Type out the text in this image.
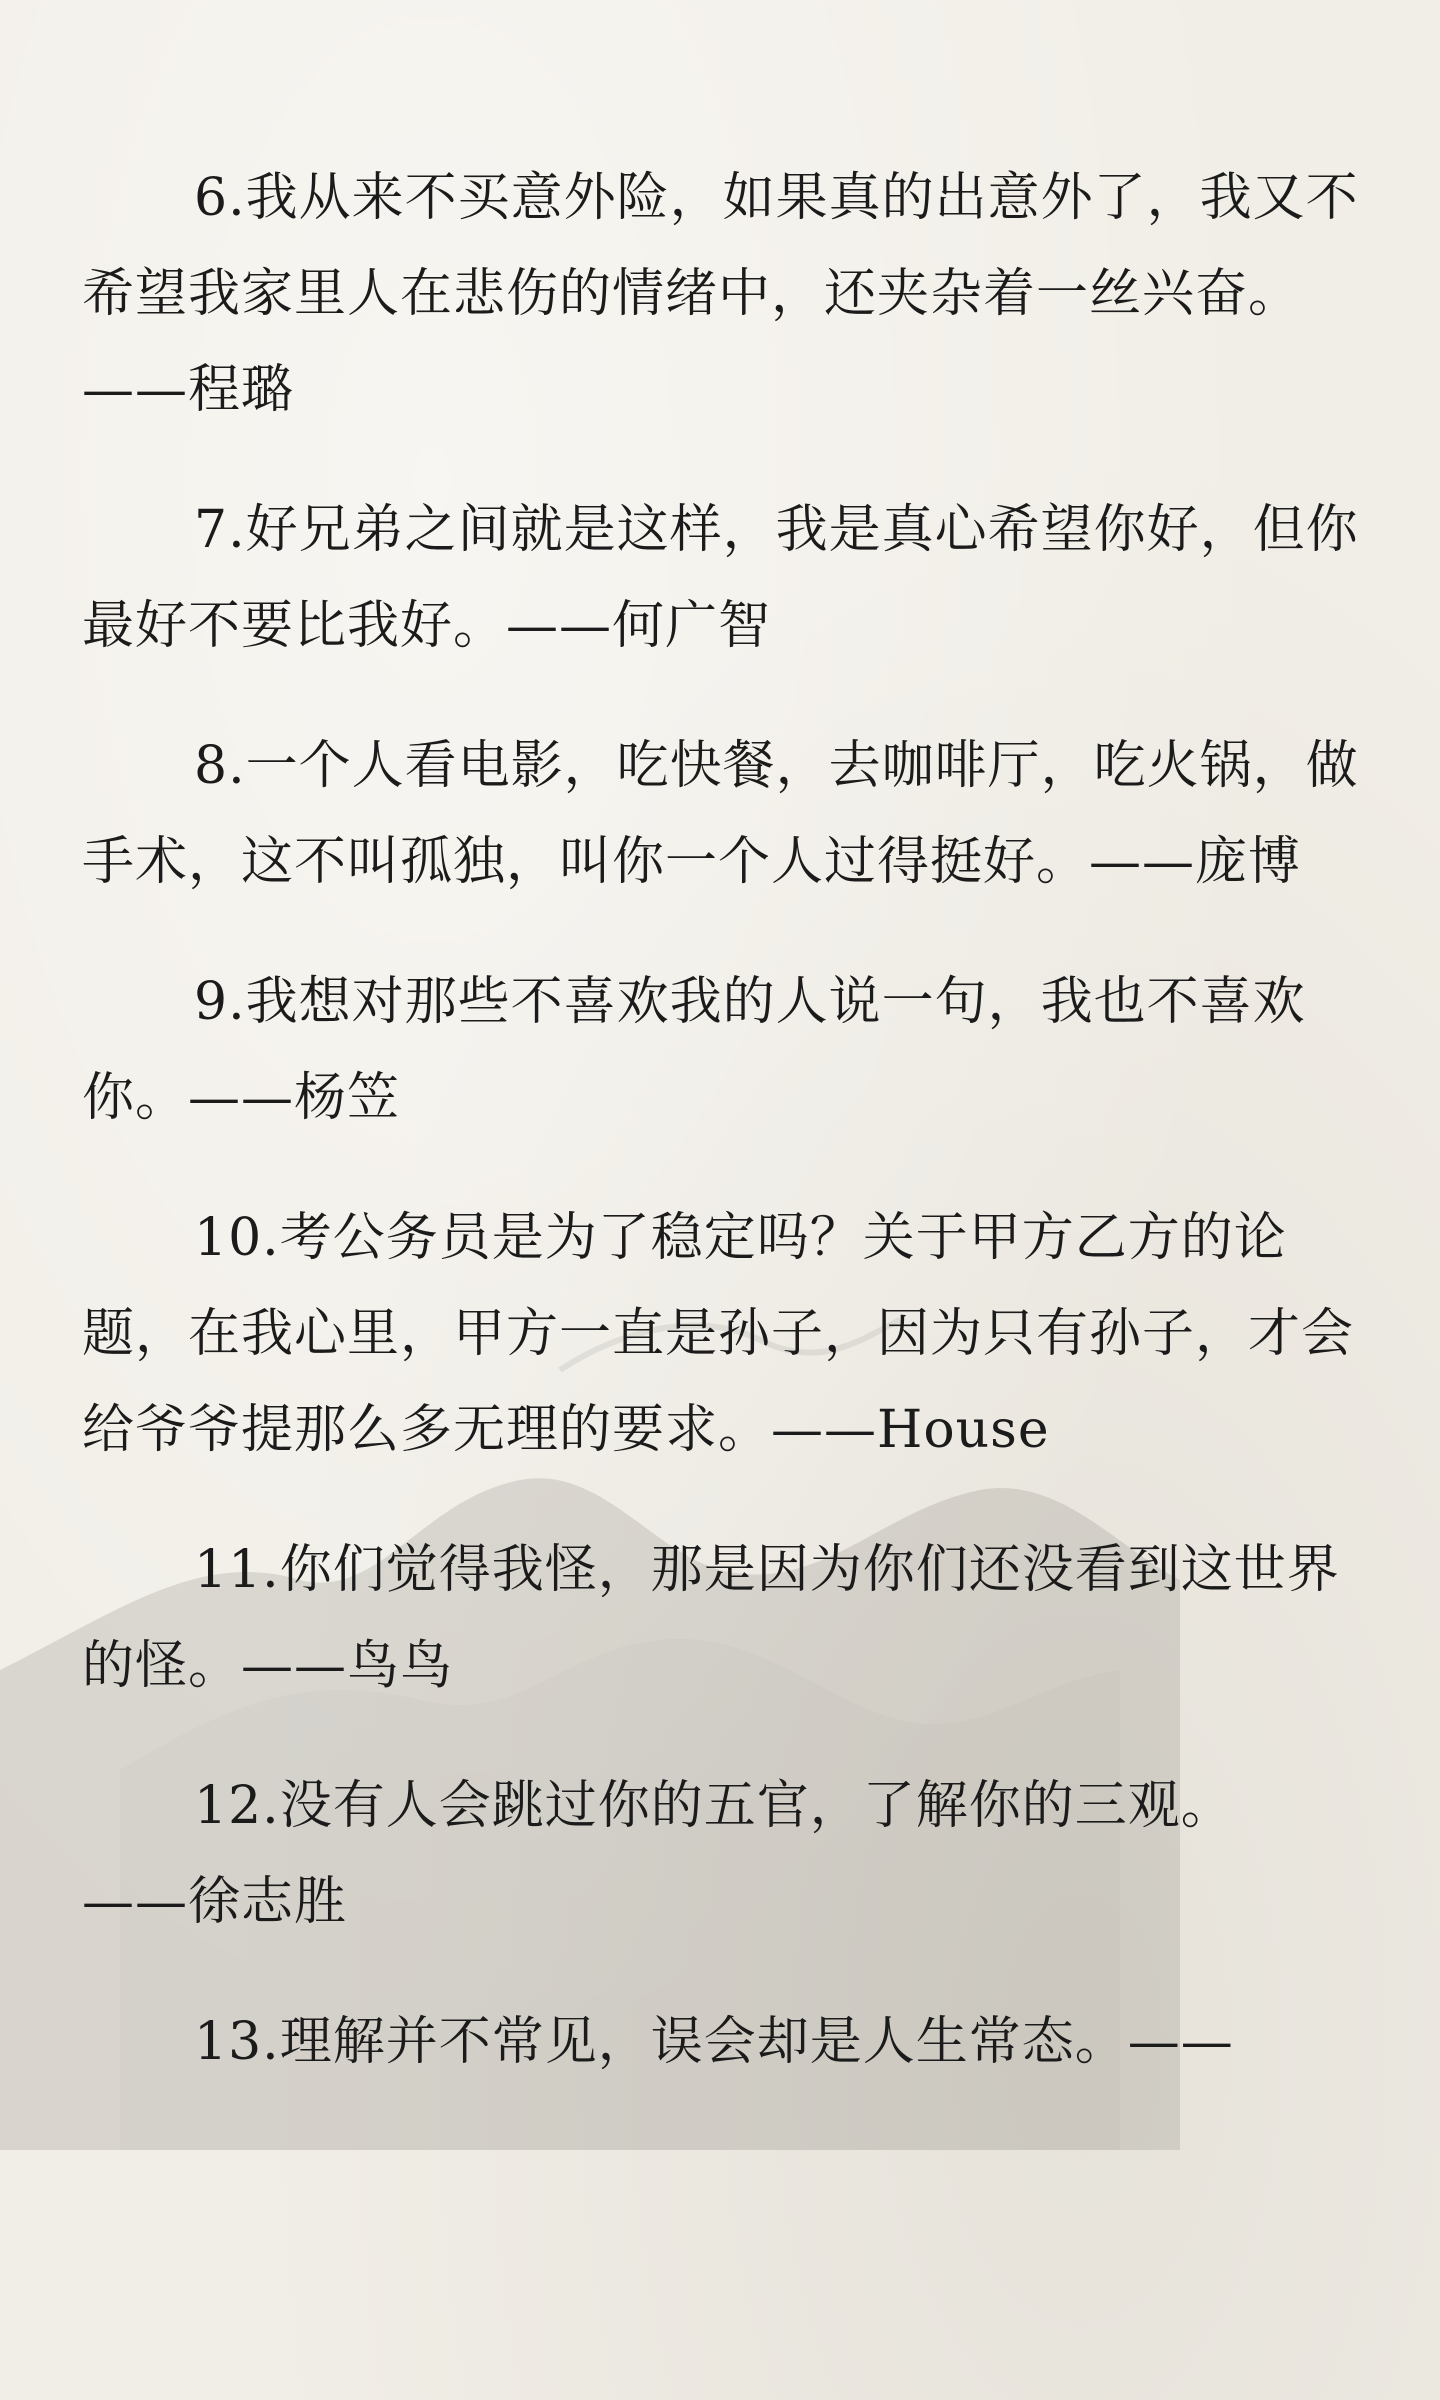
6.我从来不买意外险，如果真的出意外了，我又不希望我家里人在悲伤的情绪中，还夹杂着一丝兴奋。——程璐

7.好兄弟之间就是这样，我是真心希望你好，但你最好不要比我好。——何广智

8.一个人看电影，吃快餐，去咖啡厅，吃火锅，做手术，这不叫孤独，叫你一个人过得挺好。——庞博

9.我想对那些不喜欢我的人说一句，我也不喜欢你。——杨笠

10.考公务员是为了稳定吗？关于甲方乙方的论题，在我心里，甲方一直是孙子，因为只有孙子，才会给爷爷提那么多无理的要求。——House

11.你们觉得我怪，那是因为你们还没看到这世界的怪。——鸟鸟

12.没有人会跳过你的五官，了解你的三观。——徐志胜

13.理解并不常见，误会却是人生常态。——
